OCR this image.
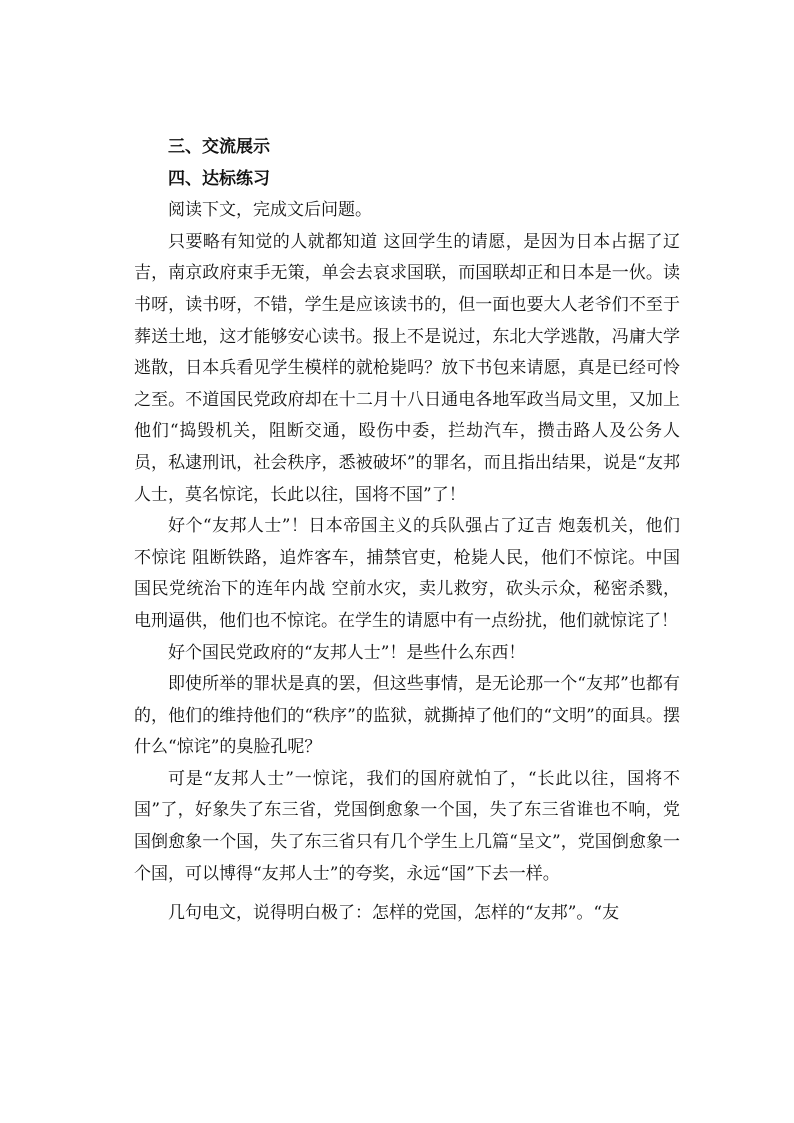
三、交流展示

四、达标练习

阅读下文，完成文后问题。

只要略有知觉的人就都知道 这回学生的请愿，是因为日本占据了辽吉，南京政府束手无策，单会去哀求国联，而国联却正和日本是一伙。读书呀，读书呀，不错，学生是应该读书的，但一面也要大人老爷们不至于葬送土地，这才能够安心读书。报上不是说过，东北大学逃散，冯庸大学逃散，日本兵看见学生模样的就枪毙吗？放下书包来请愿，真是已经可怜之至。不道国民党政府却在十二月十八日通电各地军政当局文里，又加上他们“捣毁机关，阻断交通，殴伤中委，拦劫汽车，攒击路人及公务人员，私逮刑讯，社会秩序，悉被破坏”的罪名，而且指出结果，说是“友邦人士，莫名惊诧，长此以往，国将不国”了！

好个“友邦人士”！日本帝国主义的兵队强占了辽吉 炮轰机关，他们不惊诧 阻断铁路，追炸客车，捕禁官吏，枪毙人民，他们不惊诧。中国国民党统治下的连年内战 空前水灾，卖儿救穷，砍头示众，秘密杀戮，电刑逼供，他们也不惊诧。在学生的请愿中有一点纷扰，他们就惊诧了！

好个国民党政府的“友邦人士”！是些什么东西！

即使所举的罪状是真的罢，但这些事情，是无论那一个“友邦”也都有的，他们的维持他们的“秩序”的监狱，就撕掉了他们的“文明”的面具。摆什么“惊诧”的臭脸孔呢？

可是“友邦人士”一惊诧，我们的国府就怕了，“长此以往，国将不国”了，好象失了东三省，党国倒愈象一个国，失了东三省谁也不响，党国倒愈象一个国，失了东三省只有几个学生上几篇“呈文”，党国倒愈象一个国，可以博得“友邦人士”的夸奖，永远“国”下去一样。

几句电文，说得明白极了：怎样的党国，怎样的“友邦”。“友
